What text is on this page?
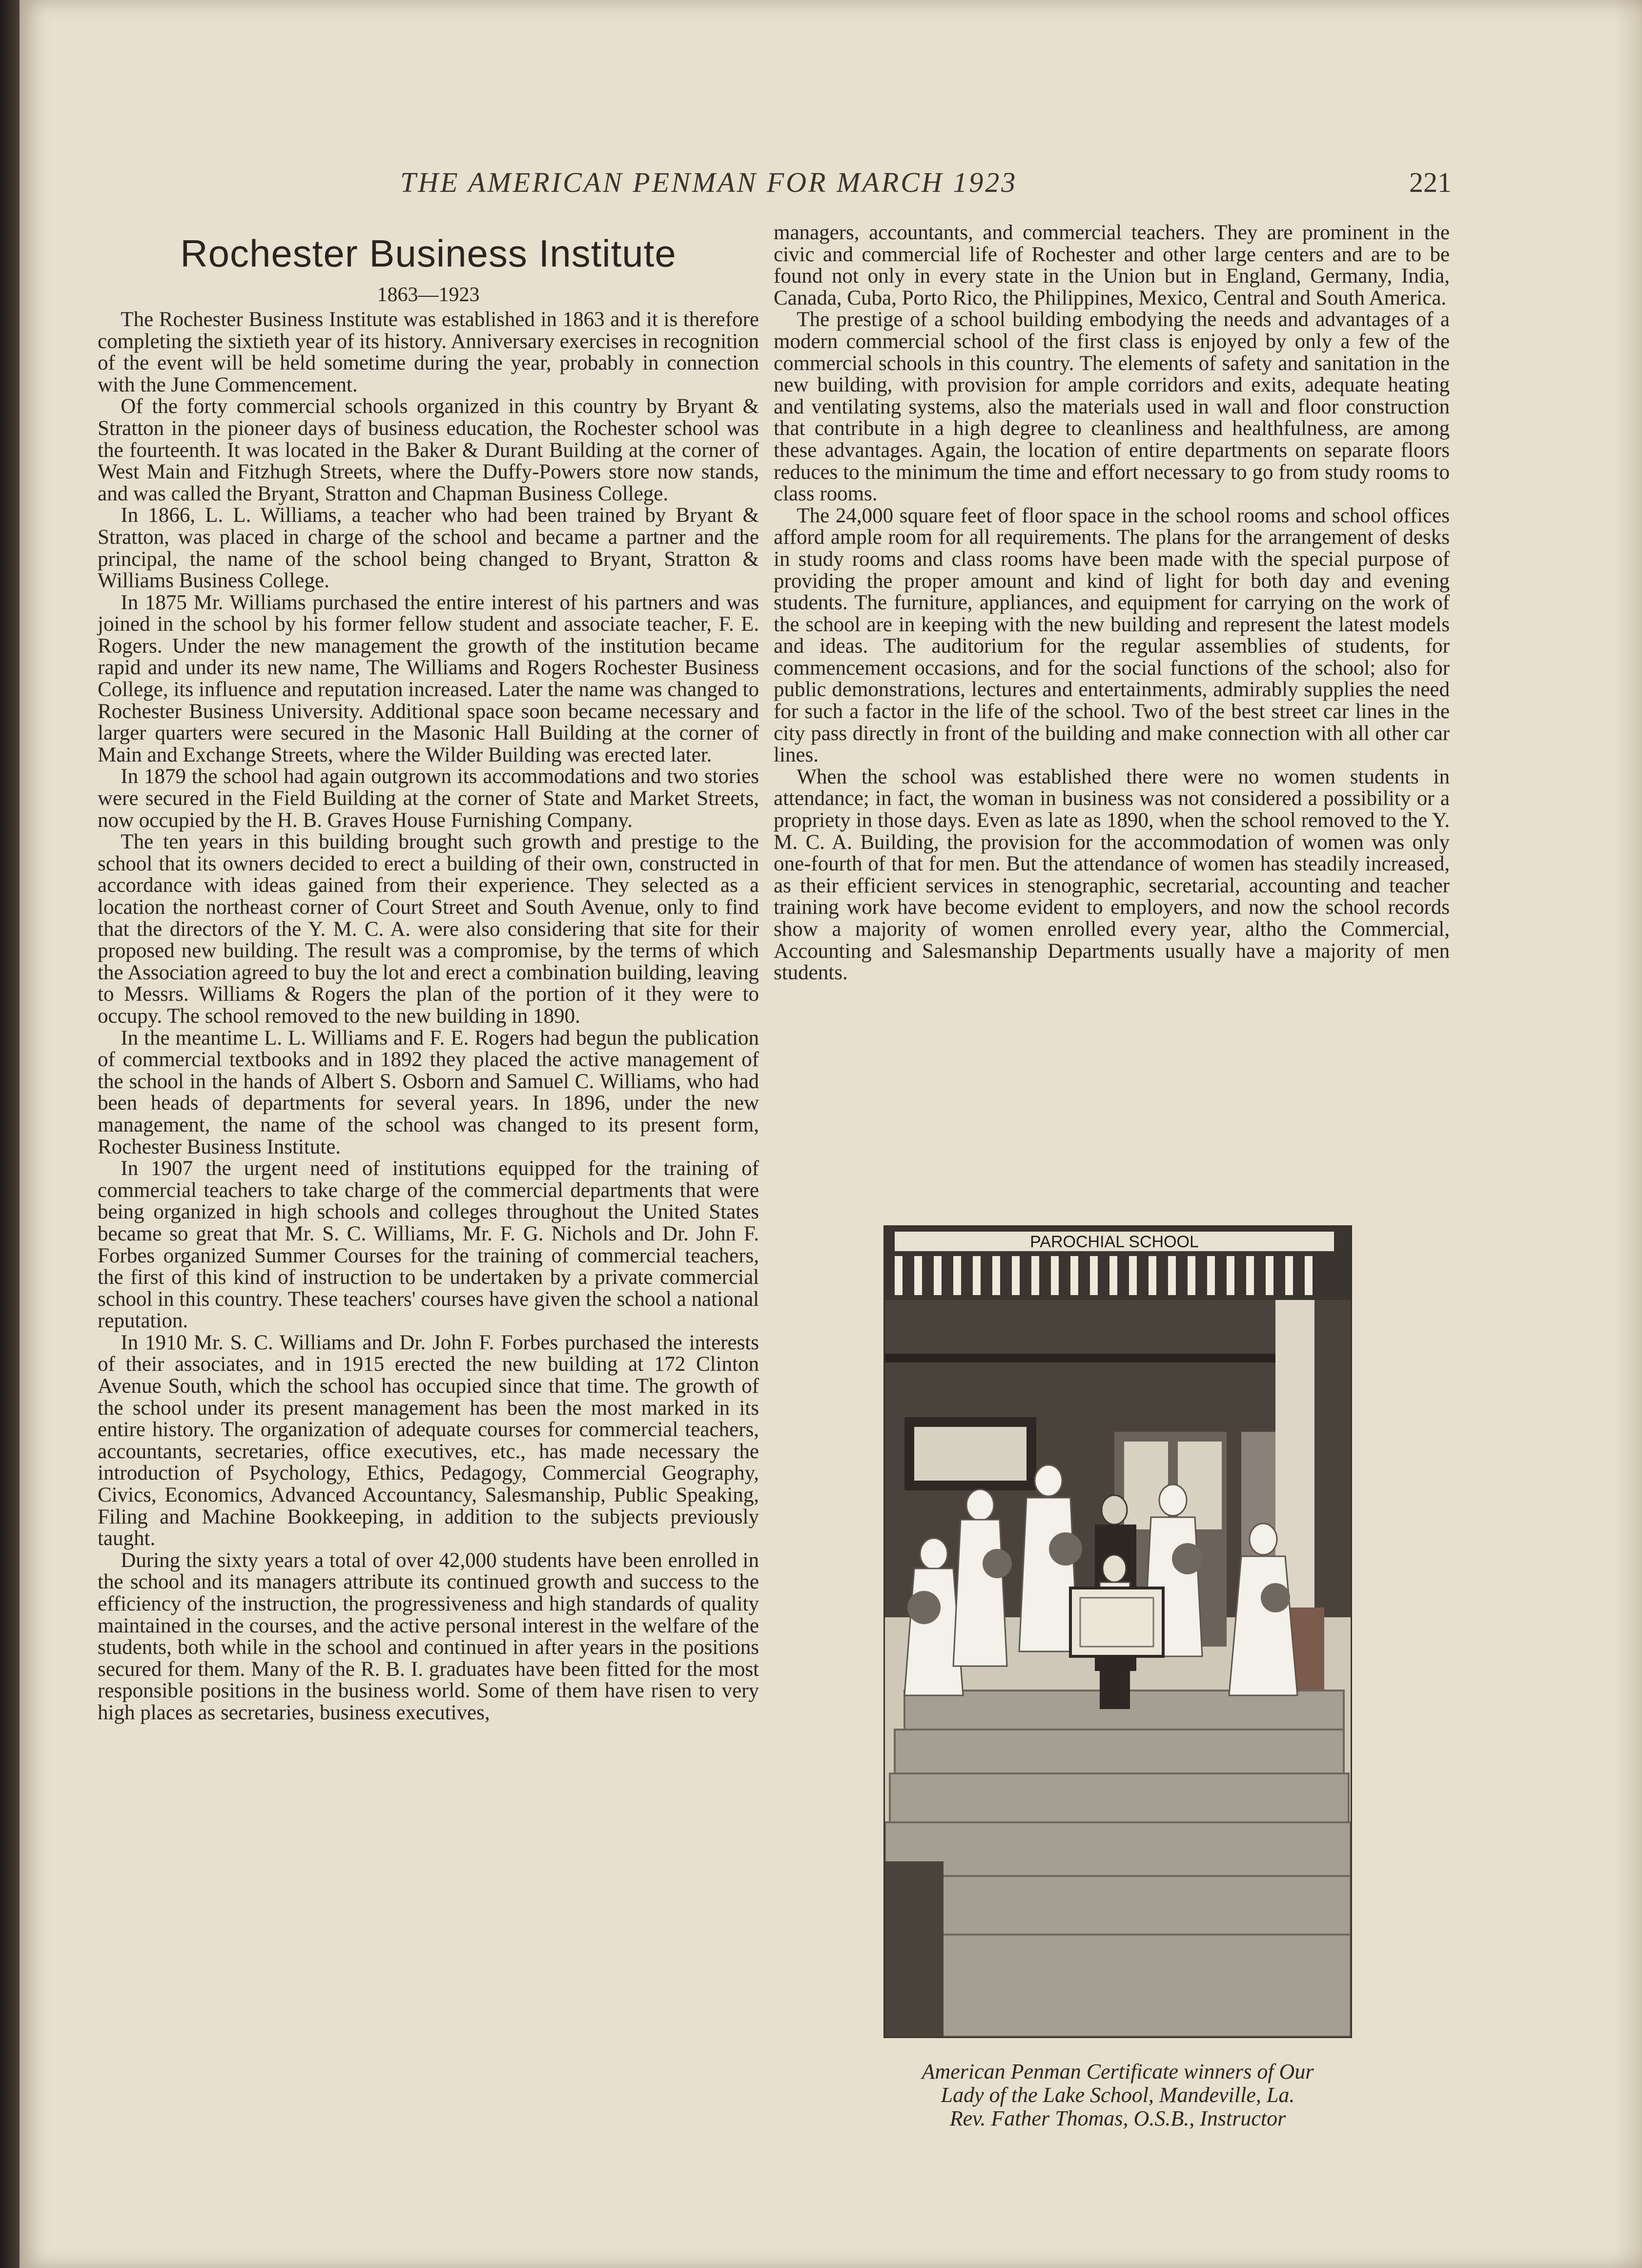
THE AMERICAN PENMAN FOR MARCH 1923	221
Rochester Business Institute
1863—1923

The Rochester Business Institute was established in 1863 and it is therefore completing the sixtieth year of its history. Anniversary exercises in recognition of the event will be held sometime during the year, probably in connection with the June Commencement.

Of the forty commercial schools organized in this country by Bryant & Stratton in the pioneer days of business education, the Rochester school was the fourteenth. It was located in the Baker & Durant Building at the corner of West Main and Fitzhugh Streets, where the Duffy-Powers store now stands, and was called the Bryant, Stratton and Chapman Business College.

In 1866, L. L. Williams, a teacher who had been trained by Bryant & Stratton, was placed in charge of the school and became a partner and the principal, the name of the school being changed to Bryant, Stratton & Williams Business College.

In 1875 Mr. Williams purchased the entire interest of his partners and was joined in the school by his former fellow student and associate teacher, F. E. Rogers. Under the new management the growth of the institution became rapid and under its new name, The Williams and Rogers Rochester Business College, its influence and reputation increased. Later the name was changed to Rochester Business University. Additional space soon became necessary and larger quarters were secured in the Masonic Hall Building at the corner of Main and Exchange Streets, where the Wilder Building was erected later.

In 1879 the school had again outgrown its accommodations and two stories were secured in the Field Building at the corner of State and Market Streets, now occupied by the H. B. Graves House Furnishing Company.

The ten years in this building brought such growth and prestige to the school that its owners decided to erect a building of their own, constructed in accordance with ideas gained from their experience. They selected as a location the northeast corner of Court Street and South Avenue, only to find that the directors of the Y. M. C. A. were also considering that site for their proposed new building. The result was a compromise, by the terms of which the Association agreed to buy the lot and erect a combination building, leaving to Messrs. Williams & Rogers the plan of the portion of it they were to occupy. The school removed to the new building in 1890.

In the meantime L. L. Williams and F. E. Rogers had begun the publication of commercial textbooks and in 1892 they placed the active management of the school in the hands of Albert S. Osborn and Samuel C. Williams, who had been heads of departments for several years. In 1896, under the new management, the name of the school was changed to its present form, Rochester Business Institute.

In 1907 the urgent need of institutions equipped for the training of commercial teachers to take charge of the commercial departments that were being organized in high schools and colleges throughout the United States became so great that Mr. S. C. Williams, Mr. F. G. Nichols and Dr. John F. Forbes organized Summer Courses for the training of commercial teachers, the first of this kind of instruction to be undertaken by a private commercial school in this country. These teachers' courses have given the school a national reputation.

In 1910 Mr. S. C. Williams and Dr. John F. Forbes purchased the interests of their associates, and in 1915 erected the new building at 172 Clinton Avenue South, which the school has occupied since that time. The growth of the school under its present management has been the most marked in its entire history. The organization of adequate courses for commercial teachers, accountants, secretaries, office executives, etc., has made necessary the introduction of Psychology, Ethics, Pedagogy, Commercial Geography, Civics, Economics, Advanced Accountancy, Salesmanship, Public Speaking, Filing and Machine Bookkeeping, in addition to the subjects previously taught.

During the sixty years a total of over 42,000 students have been enrolled in the school and its managers attribute its continued growth and success to the efficiency of the instruction, the progressiveness and high standards of quality maintained in the courses, and the active personal interest in the welfare of the students, both while in the school and continued in after years in the positions secured for them. Many of the R. B. I. graduates have been fitted for the most responsible positions in the business world. Some of them have risen to very high places as secretaries, business executives,

managers, accountants, and commercial teachers. They are prominent in the civic and commercial life of Rochester and other large centers and are to be found not only in every state in the Union but in England, Germany, India, Canada, Cuba, Porto Rico, the Philippines, Mexico, Central and South America.

The prestige of a school building embodying the needs and advantages of a modern commercial school of the first class is enjoyed by only a few of the commercial schools in this country. The elements of safety and sanitation in the new building, with provision for ample corridors and exits, adequate heating and ventilating systems, also the materials used in wall and floor construction that contribute in a high degree to cleanliness and healthfulness, are among these advantages. Again, the location of entire departments on separate floors reduces to the minimum the time and effort necessary to go from study rooms to class rooms.

The 24,000 square feet of floor space in the school rooms and school offices afford ample room for all requirements. The plans for the arrangement of desks in study rooms and class rooms have been made with the special purpose of providing the proper amount and kind of light for both day and evening students. The furniture, appliances, and equipment for carrying on the work of the school are in keeping with the new building and represent the latest models and ideas. The auditorium for the regular assemblies of students, for commencement occasions, and for the social functions of the school; also for public demonstrations, lectures and entertainments, admirably supplies the need for such a factor in the life of the school. Two of the best street car lines in the city pass directly in front of the building and make connection with all other car lines.

When the school was established there were no women students in attendance; in fact, the woman in business was not considered a possibility or a propriety in those days. Even as late as 1890, when the school removed to the Y. M. C. A. Building, the provision for the accommodation of women was only one-fourth of that for men. But the attendance of women has steadily increased, as their efficient services in stenographic, secretarial, accounting and teacher training work have become evident to employers, and now the school records show a majority of women enrolled every year, altho the Commercial, Accounting and Salesmanship Departments usually have a majority of men students.

PAROCHIAL SCHOOL
American Penman Certificate winners of Our
Lady of the Lake School, Mandeville, La.
Rev. Father Thomas, O.S.B., Instructor
